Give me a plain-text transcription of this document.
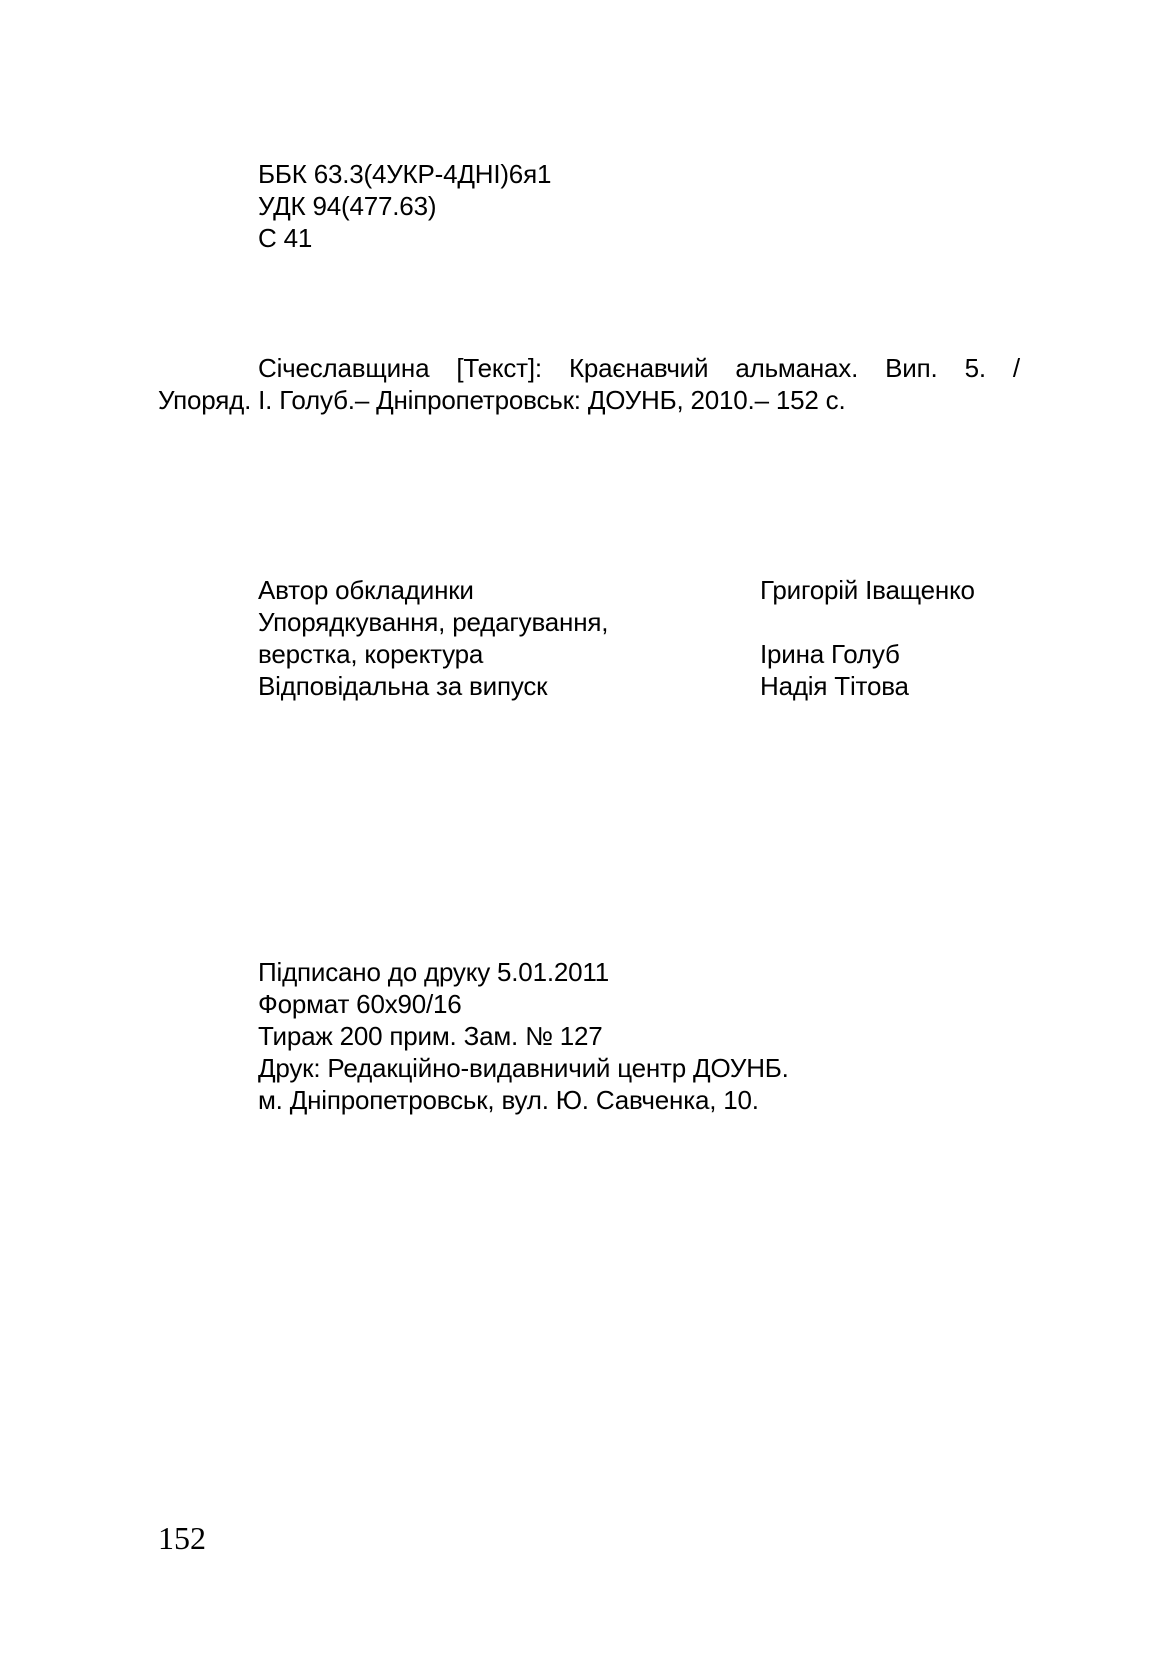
ББК 63.3(4УКР-4ДНІ)6я1
УДК 94(477.63)
С 41
Січеславщина [Текст]: Краєнавчий альманах. Вип. 5. /
Упоряд. І. Голуб.– Дніпропетровськ: ДОУНБ, 2010.– 152 с.
Автор обкладинки	Григорій Іващенко
Упорядкування, редагування,
верстка, коректура	Ірина Голуб
Відповідальна за випуск	Надія Тітова
Підписано до друку 5.01.2011
Формат 60х90/16
Тираж 200 прим. Зам. № 127
Друк: Редакційно-видавничий центр ДОУНБ.
м. Дніпропетровськ, вул. Ю. Савченка, 10.
152
